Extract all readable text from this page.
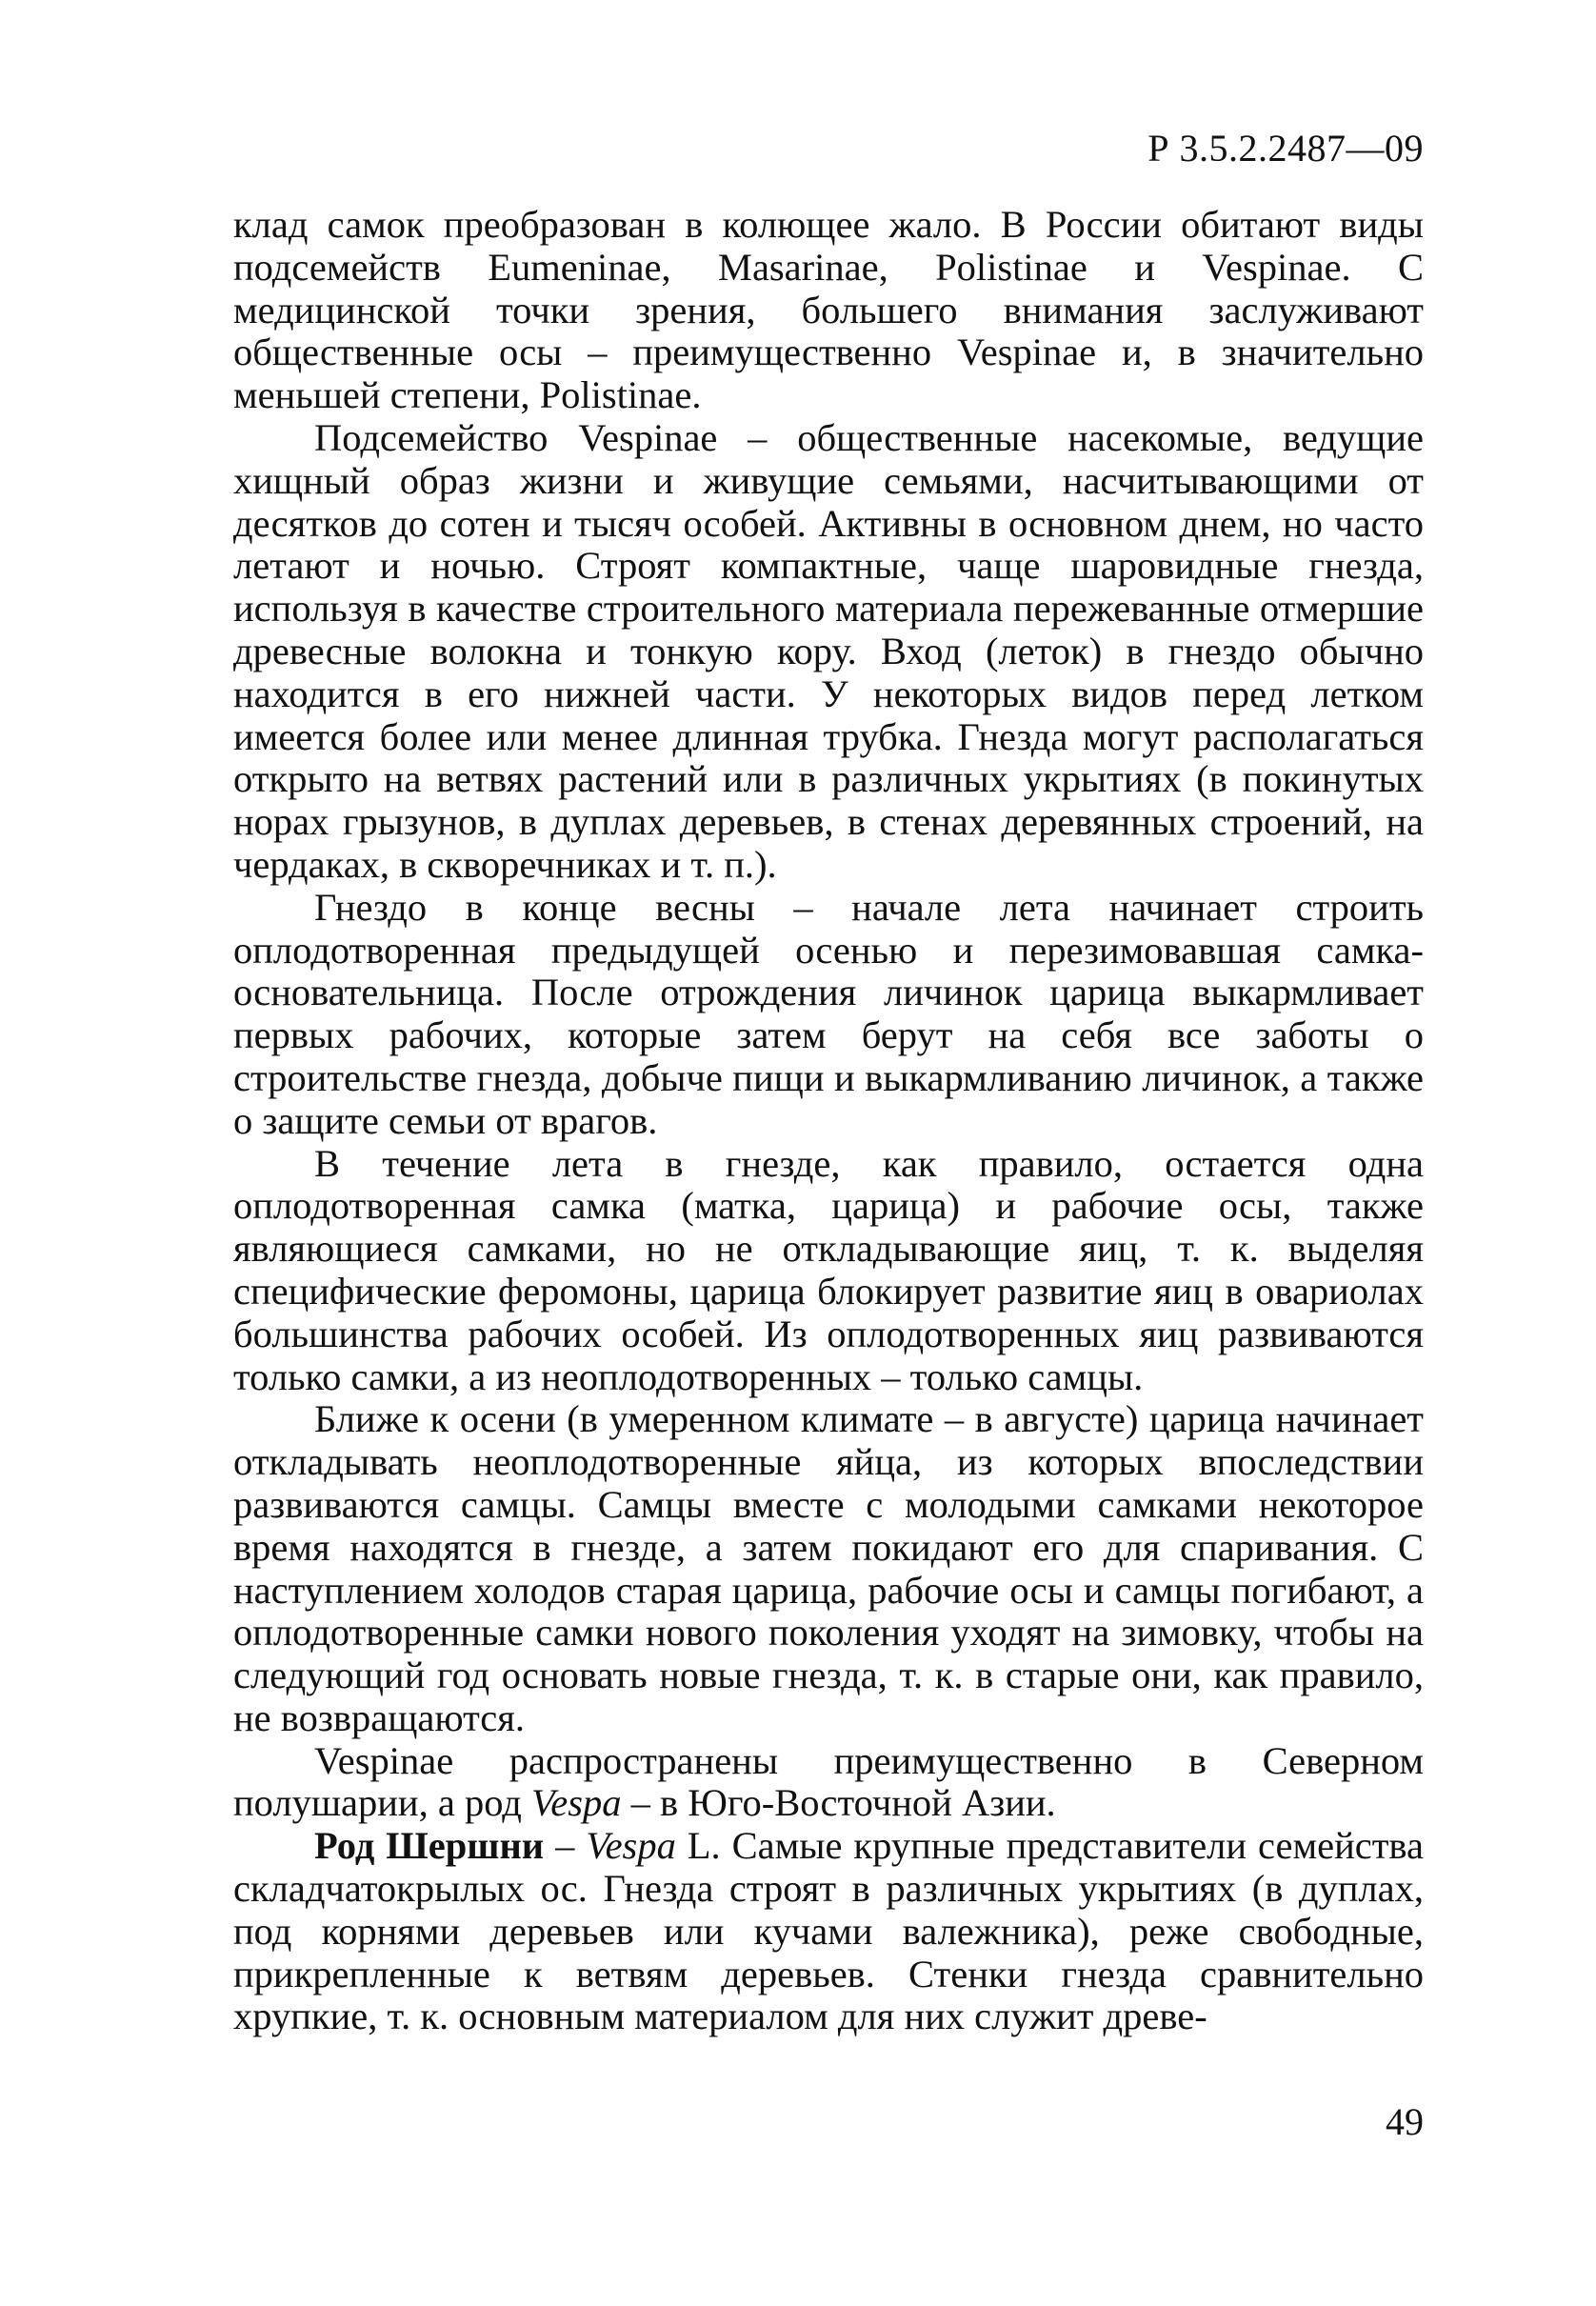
Р 3.5.2.2487—09

клад самок преобразован в колющее жало. В России обитают виды подсемейств Eumeninae, Masarinae, Polistinae и Vespinae. С медицинской точки зрения, большего внимания заслуживают общественные осы – преимущественно Vespinae и, в значительно меньшей степени, Polistinae.

Подсемейство Vespinae – общественные насекомые, ведущие хищный образ жизни и живущие семьями, насчитывающими от десятков до сотен и тысяч особей. Активны в основном днем, но часто летают и ночью. Строят компактные, чаще шаровидные гнезда, используя в качестве строительного материала пережеванные отмершие древесные волокна и тонкую кору. Вход (леток) в гнездо обычно находится в его нижней части. У некоторых видов перед летком имеется более или менее длинная трубка. Гнезда могут располагаться открыто на ветвях растений или в различных укрытиях (в покинутых норах грызунов, в дуплах деревьев, в стенах деревянных строений, на чердаках, в скворечниках и т. п.).

Гнездо в конце весны – начале лета начинает строить оплодотворенная предыдущей осенью и перезимовавшая самка-основательница. После отрождения личинок царица выкармливает первых рабочих, которые затем берут на себя все заботы о строительстве гнезда, добыче пищи и выкармливанию личинок, а также о защите семьи от врагов.

В течение лета в гнезде, как правило, остается одна оплодотворенная самка (матка, царица) и рабочие осы, также являющиеся самками, но не откладывающие яиц, т. к. выделяя специфические феромоны, царица блокирует развитие яиц в овариолах большинства рабочих особей. Из оплодотворенных яиц развиваются только самки, а из неоплодотворенных – только самцы.

Ближе к осени (в умеренном климате – в августе) царица начинает откладывать неоплодотворенные яйца, из которых впоследствии развиваются самцы. Самцы вместе с молодыми самками некоторое время находятся в гнезде, а затем покидают его для спаривания. С наступлением холодов старая царица, рабочие осы и самцы погибают, а оплодотворенные самки нового поколения уходят на зимовку, чтобы на следующий год основать новые гнезда, т. к. в старые они, как правило, не возвращаются.

Vespinae распространены преимущественно в Северном полушарии, а род Vespa – в Юго-Восточной Азии.

Род Шершни – Vespa L. Самые крупные представители семейства складчатокрылых ос. Гнезда строят в различных укрытиях (в дуплах, под корнями деревьев или кучами валежника), реже свободные, прикрепленные к ветвям деревьев. Стенки гнезда сравнительно хрупкие, т. к. основным материалом для них служит древе-

49
